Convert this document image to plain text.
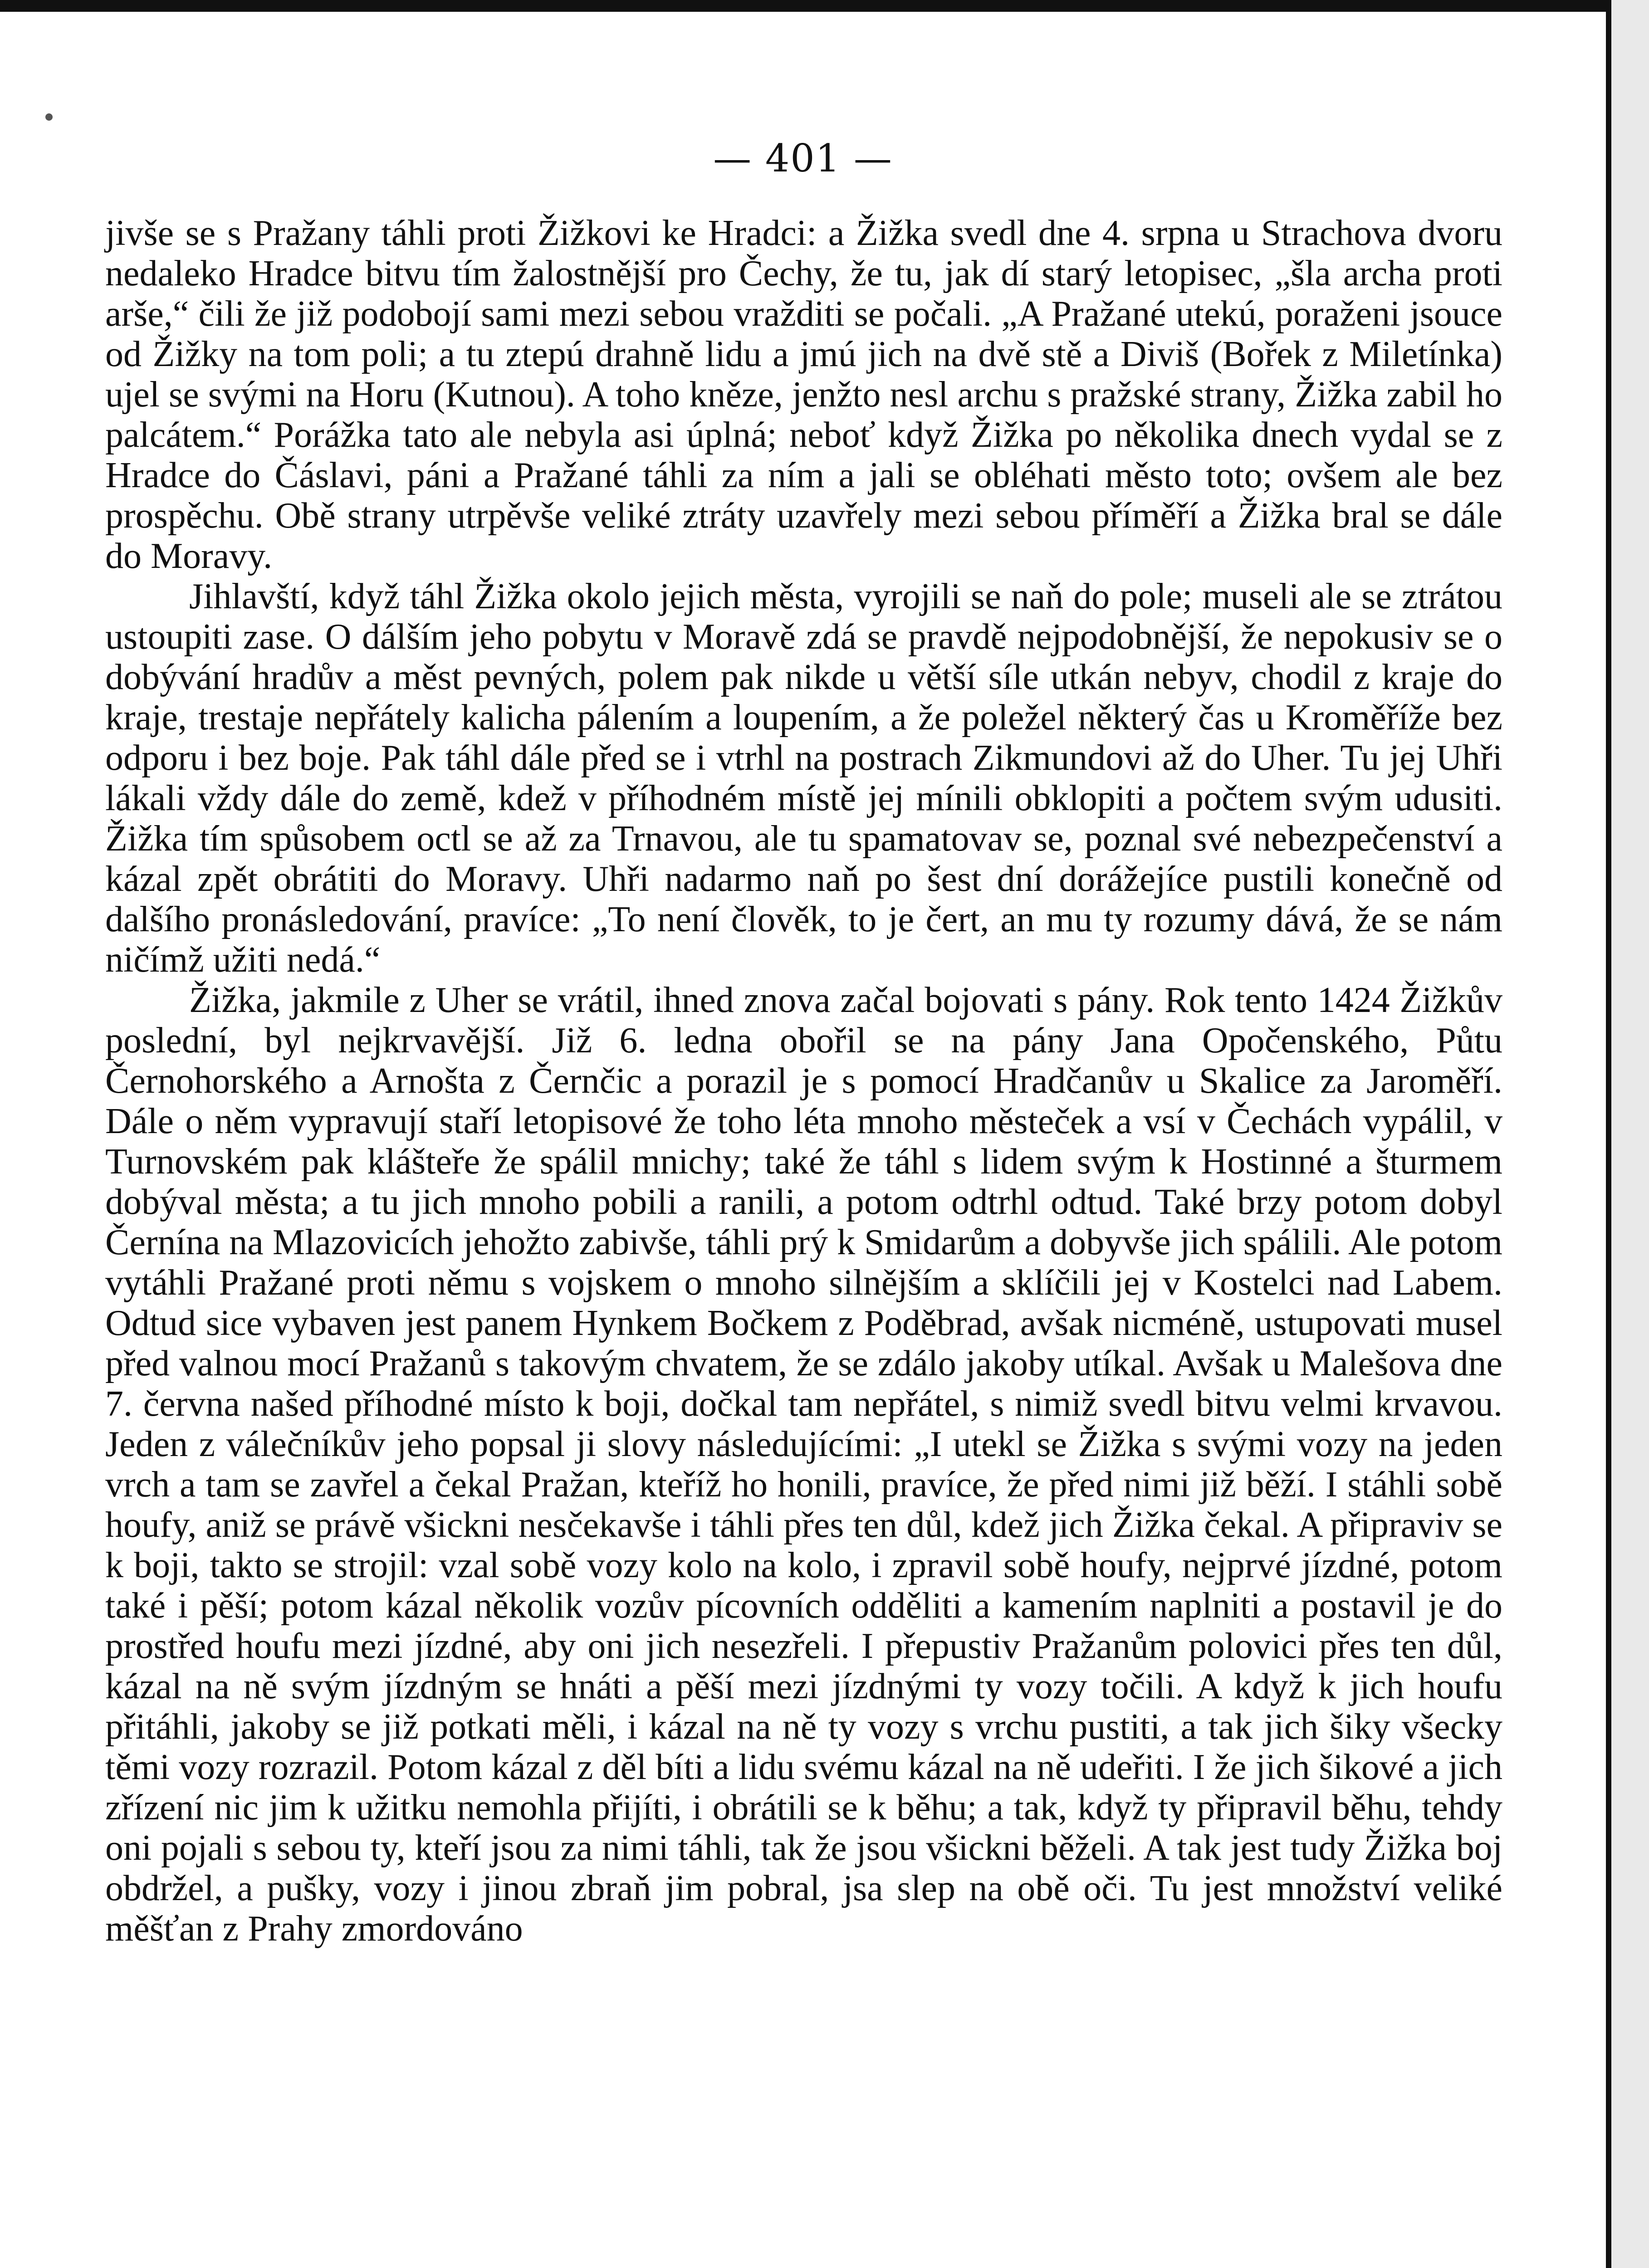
— 401 —

jivše se s Pražany táhli proti Žižkovi ke Hradci: a Žižka svedl dne 4. srpna u Strachova dvoru nedaleko Hradce bitvu tím žalostnější pro Čechy, že tu, jak dí starý letopisec, „šla archa proti arše,“ čili že již podobojí sami mezi sebou vražditi se počali. „A Pražané utekú, poraženi jsouce od Žižky na tom poli; a tu ztepú drahně lidu a jmú jich na dvě stě a Diviš (Bořek z Miletínka) ujel se svými na Horu (Kutnou). A toho kněze, jenžto nesl archu s pražské strany, Žižka zabil ho palcátem.“ Porážka tato ale nebyla asi úplná; neboť když Žižka po několika dnech vydal se z Hradce do Čáslavi, páni a Pražané táhli za ním a jali se obléhati město toto; ovšem ale bez prospěchu. Obě strany utrpěvše veliké ztráty uzavřely mezi sebou příměří a Žižka bral se dále do Moravy.

Jihlavští, když táhl Žižka okolo jejich města, vyrojili se naň do pole; museli ale se ztrátou ustoupiti zase. O dálším jeho pobytu v Moravě zdá se pravdě nejpodobnější, že nepokusiv se o dobývání hradův a měst pevných, polem pak nikde u větší síle utkán nebyv, chodil z kraje do kraje, trestaje nepřátely kalicha pálením a loupením, a že poležel některý čas u Kroměříže bez odporu i bez boje. Pak táhl dále před se i vtrhl na postrach Zikmundovi až do Uher. Tu jej Uhři lákali vždy dále do země, kdež v příhodném místě jej mínili obklopiti a počtem svým udusiti. Žižka tím spůsobem octl se až za Trnavou, ale tu spamatovav se, poznal své nebezpečenství a kázal zpět obrátiti do Moravy. Uhři nadarmo naň po šest dní dorážejíce pustili konečně od dalšího pronásledování, pravíce: „To není člověk, to je čert, an mu ty rozumy dává, že se nám ničímž užiti nedá.“

Žižka, jakmile z Uher se vrátil, ihned znova začal bojovati s pány. Rok tento 1424 Žižkův poslední, byl nejkrvavější. Již 6. ledna obořil se na pány Jana Opočenského, Půtu Černohorského a Arnošta z Černčic a porazil je s pomocí Hradčanův u Skalice za Jaroměří. Dále o něm vypravují staří letopisové že toho léta mnoho městeček a vsí v Čechách vypálil, v Turnovském pak klášteře že spálil mnichy; také že táhl s lidem svým k Hostinné a šturmem dobýval města; a tu jich mnoho pobili a ranili, a potom odtrhl odtud. Také brzy potom dobyl Černína na Mlazovicích jehožto zabivše, táhli prý k Smidarům a dobyvše jich spálili. Ale potom vytáhli Pražané proti němu s vojskem o mnoho silnějším a sklíčili jej v Kostelci nad Labem. Odtud sice vybaven jest panem Hynkem Bočkem z Poděbrad, avšak nicméně, ustupovati musel před valnou mocí Pražanů s takovým chvatem, že se zdálo jakoby utíkal. Avšak u Malešova dne 7. června našed příhodné místo k boji, dočkal tam nepřátel, s nimiž svedl bitvu velmi krvavou. Jeden z válečníkův jeho popsal ji slovy následujícími: „I utekl se Žižka s svými vozy na jeden vrch a tam se zavřel a čekal Pražan, kteříž ho honili, pravíce, že před nimi již běží. I stáhli sobě houfy, aniž se právě všickni nesčekavše i táhli přes ten důl, kdež jich Žižka čekal. A připraviv se k boji, takto se strojil: vzal sobě vozy kolo na kolo, i zpravil sobě houfy, nejprvé jízdné, potom také i pěší; potom kázal několik vozův pícovních odděliti a kamením naplniti a postavil je do prostřed houfu mezi jízdné, aby oni jich nesezřeli. I přepustiv Pražanům polovici přes ten důl, kázal na ně svým jízdným se hnáti a pěší mezi jízdnými ty vozy točili. A když k jich houfu přitáhli, jakoby se již potkati měli, i kázal na ně ty vozy s vrchu pustiti, a tak jich šiky všecky těmi vozy rozrazil. Potom kázal z děl bíti a lidu svému kázal na ně udeřiti. I že jich šikové a jich zřízení nic jim k užitku nemohla přijíti, i obrátili se k běhu; a tak, když ty připravil běhu, tehdy oni pojali s sebou ty, kteří jsou za nimi táhli, tak že jsou všickni běželi. A tak jest tudy Žižka boj obdržel, a pušky, vozy i jinou zbraň jim pobral, jsa slep na obě oči. Tu jest množství veliké měšťan z Prahy zmordováno
